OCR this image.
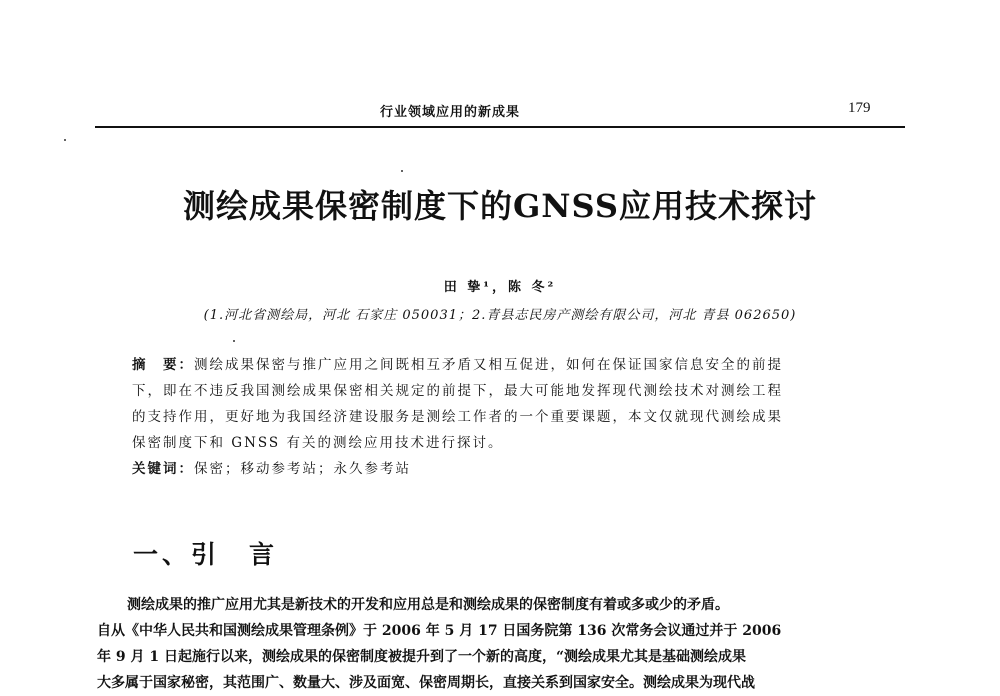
行业领域应用的新成果	179
测绘成果保密制度下的GNSS应用技术探讨
田 挚¹，陈 冬²
(1.河北省测绘局，河北 石家庄 050031；2.青县志民房产测绘有限公司，河北 青县 062650)
摘　要：测绘成果保密与推广应用之间既相互矛盾又相互促进，如何在保证国家信息安全的前提
下，即在不违反我国测绘成果保密相关规定的前提下，最大可能地发挥现代测绘技术对测绘工程
的支持作用，更好地为我国经济建设服务是测绘工作者的一个重要课题，本文仅就现代测绘成果
保密制度下和 GNSS 有关的测绘应用技术进行探讨。
关键词：保密；移动参考站；永久参考站
一、引　言
测绘成果的推广应用尤其是新技术的开发和应用总是和测绘成果的保密制度有着或多或少的矛盾。
自从《中华人民共和国测绘成果管理条例》于 2006 年 5 月 17 日国务院第 136 次常务会议通过并于 2006
年 9 月 1 日起施行以来，测绘成果的保密制度被提升到了一个新的高度，“测绘成果尤其是基础测绘成果
大多属于国家秘密，其范围广、数量大、涉及面宽、保密周期长，直接关系到国家安全。测绘成果为现代战
